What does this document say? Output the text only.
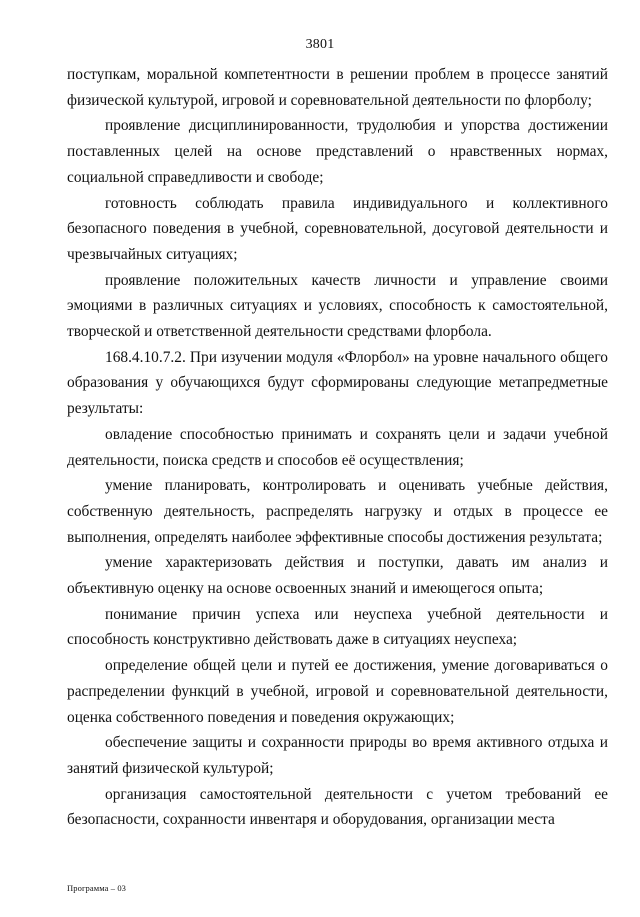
3801

поступкам, моральной компетентности в решении проблем в процессе занятий физической культурой, игровой и соревновательной деятельности по флорболу;

проявление дисциплинированности, трудолюбия и упорства достижении поставленных целей на основе представлений о нравственных нормах, социальной справедливости и свободе;

готовность соблюдать правила индивидуального и коллективного безопасного поведения в учебной, соревновательной, досуговой деятельности и чрезвычайных ситуациях;

проявление положительных качеств личности и управление своими эмоциями в различных ситуациях и условиях, способность к самостоятельной, творческой и ответственной деятельности средствами флорбола.

168.4.10.7.2. При изучении модуля «Флорбол» на уровне начального общего образования у обучающихся будут сформированы следующие метапредметные результаты:

овладение способностью принимать и сохранять цели и задачи учебной деятельности, поиска средств и способов её осуществления;

умение планировать, контролировать и оценивать учебные действия, собственную деятельность, распределять нагрузку и отдых в процессе ее выполнения, определять наиболее эффективные способы достижения результата;

умение характеризовать действия и поступки, давать им анализ и объективную оценку на основе освоенных знаний и имеющегося опыта;

понимание причин успеха или неуспеха учебной деятельности и способность конструктивно действовать даже в ситуациях неуспеха;

определение общей цели и путей ее достижения, умение договариваться о распределении функций в учебной, игровой и соревновательной деятельности, оценка собственного поведения и поведения окружающих;

обеспечение защиты и сохранности природы во время активного отдыха и занятий физической культурой;

организация самостоятельной деятельности с учетом требований ее безопасности, сохранности инвентаря и оборудования, организации места

Программа – 03
